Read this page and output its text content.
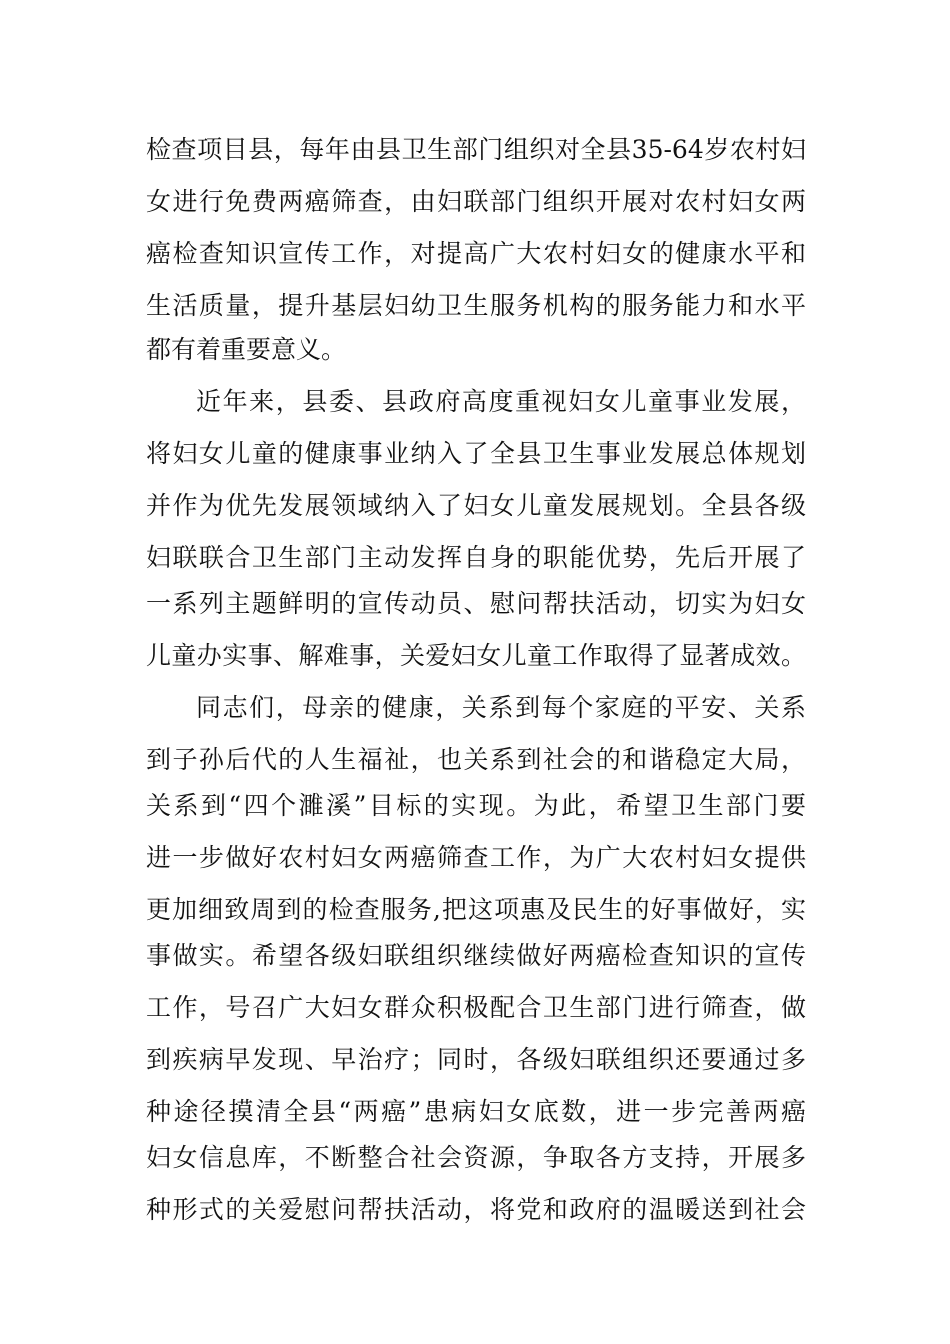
检查项目县，每年由县卫生部门组织对全县35-64岁农村妇
女进行免费两癌筛查，由妇联部门组织开展对农村妇女两
癌检查知识宣传工作，对提高广大农村妇女的健康水平和
生活质量，提升基层妇幼卫生服务机构的服务能力和水平
都有着重要意义。
近年来，县委、县政府高度重视妇女儿童事业发展，
将妇女儿童的健康事业纳入了全县卫生事业发展总体规划
并作为优先发展领域纳入了妇女儿童发展规划。全县各级
妇联联合卫生部门主动发挥自身的职能优势，先后开展了
一系列主题鲜明的宣传动员、慰问帮扶活动，切实为妇女
儿童办实事、解难事，关爱妇女儿童工作取得了显著成效。
同志们，母亲的健康，关系到每个家庭的平安、关系
到子孙后代的人生福祉，也关系到社会的和谐稳定大局，
关系到“四个濉溪”目标的实现。为此，希望卫生部门要
进一步做好农村妇女两癌筛查工作，为广大农村妇女提供
更加细致周到的检查服务,把这项惠及民生的好事做好，实
事做实。希望各级妇联组织继续做好两癌检查知识的宣传
工作，号召广大妇女群众积极配合卫生部门进行筛查，做
到疾病早发现、早治疗；同时，各级妇联组织还要通过多
种途径摸清全县“两癌”患病妇女底数，进一步完善两癌
妇女信息库，不断整合社会资源，争取各方支持，开展多
种形式的关爱慰问帮扶活动，将党和政府的温暖送到社会
